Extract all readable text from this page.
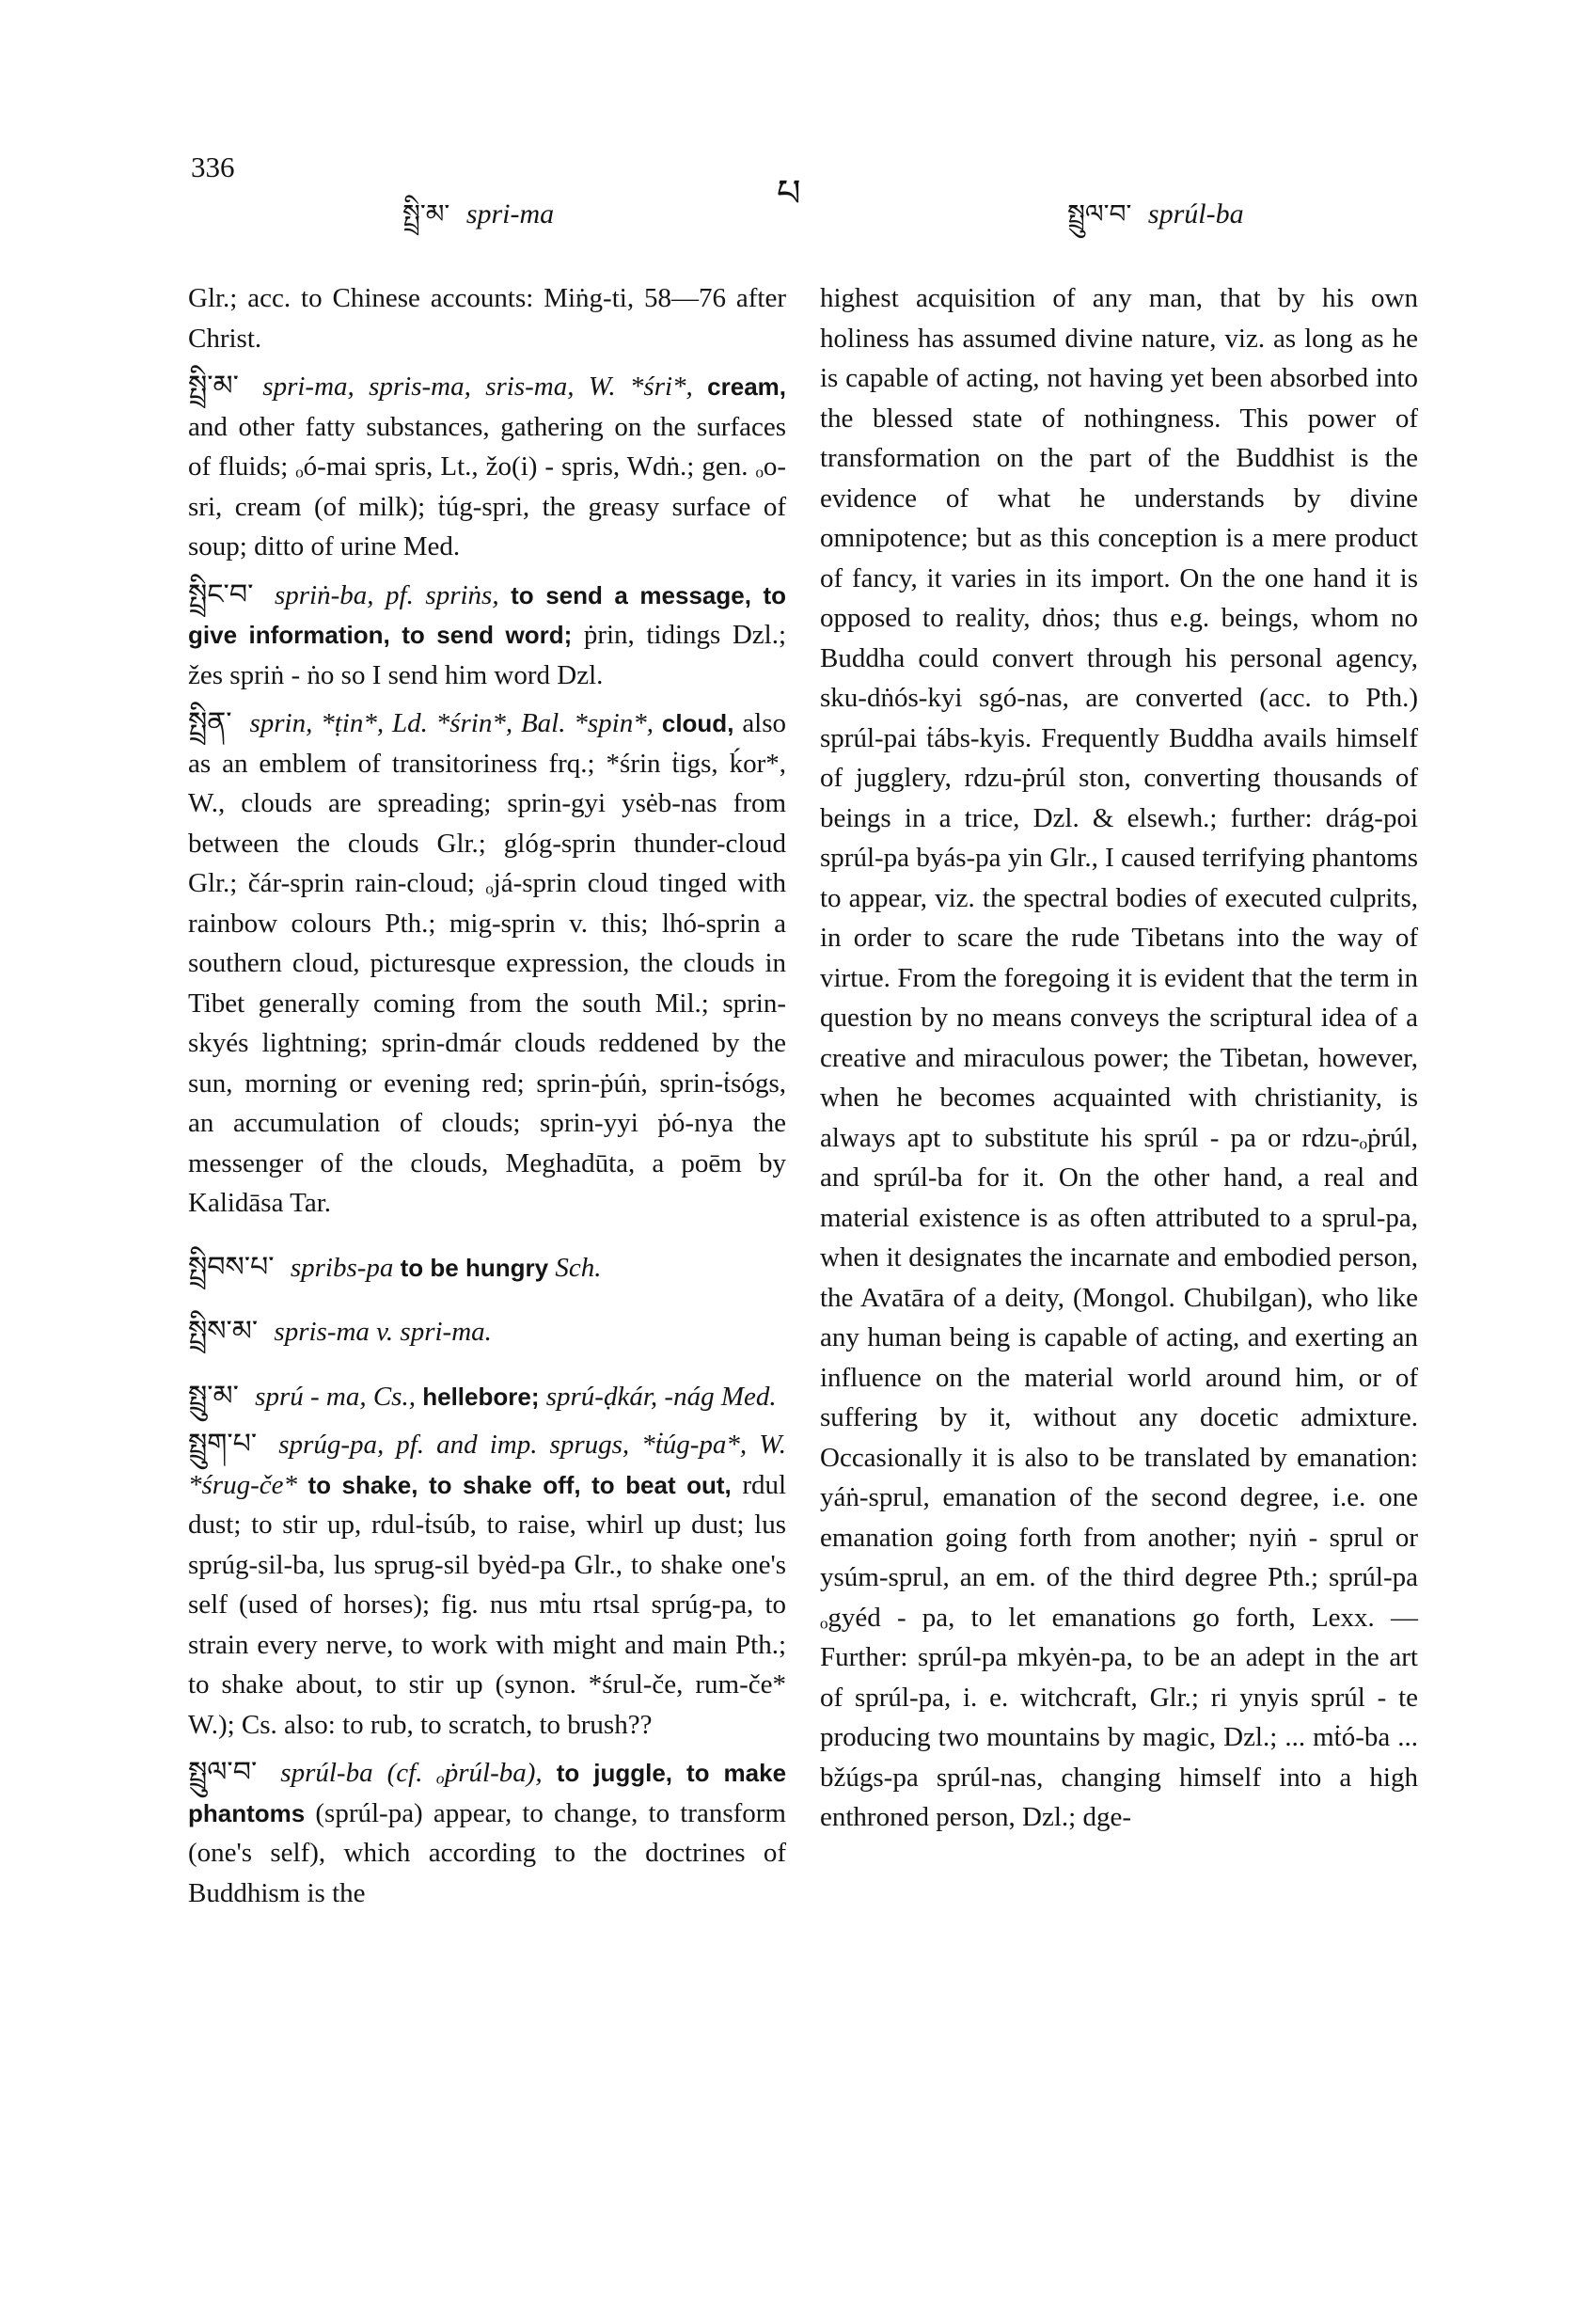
336
པ
སྤྲི་མ་ spri-ma	སྤྲུལ་བ་ sprúl-ba

Glr.; acc. to Chinese accounts: Miṅg-ti, 58—76 after Christ.

སྤྲི་མ་ spri-ma, spris-ma, sris-ma, W. *śri*, cream, and other fatty substances, gathering on the surfaces of fluids; ₒó-mai spris, Lt., žo(i) - spris, Wdṅ.; gen. ₒo-sri, cream (of milk); ṫúg-spri, the greasy surface of soup; ditto of urine Med.

སྤྲིང་བ་ spriṅ-ba, pf. spriṅs, to send a message, to give information, to send word; ṗrin, tidings Dzl.; žes spriṅ - ṅo so I send him word Dzl.

སྤྲིན་ sprin, *ṭin*, Ld. *śrin*, Bal. *spin*, cloud, also as an emblem of transitoriness frq.; *śrin ṫigs, ḱor*, W., clouds are spreading; sprin-gyi ysėb-nas from between the clouds Glr.; glóg-sprin thunder-cloud Glr.; čár-sprin rain-cloud; ₒjá-sprin cloud tinged with rainbow colours Pth.; mig-sprin v. this; lhó-sprin a southern cloud, picturesque expression, the clouds in Tibet generally coming from the south Mil.; sprin-skyés lightning; sprin-dmár clouds reddened by the sun, morning or evening red; sprin-ṗúṅ, sprin-ṫsógs, an accumulation of clouds; sprin-yyi ṗó-nya the messenger of the clouds, Meghadūta, a poēm by Kalidāsa Tar.

སྤྲིབས་པ་ spribs-pa to be hungry Sch.

སྤྲིས་མ་ spris-ma v. spri-ma.

སྤྲུ་མ་ sprú - ma, Cs., hellebore; sprú-ḍkár, -nág Med.

སྤྲུག་པ་ sprúg-pa, pf. and imp. sprugs, *ṫúg-pa*, W. *śrug-če* to shake, to shake off, to beat out, rdul dust; to stir up, rdul-ṫsúb, to raise, whirl up dust; lus sprúg-sil-ba, lus sprug-sil byėd-pa Glr., to shake one's self (used of horses); fig. nus mṫu rtsal sprúg-pa, to strain every nerve, to work with might and main Pth.; to shake about, to stir up (synon. *śrul-če, rum-če* W.); Cs. also: to rub, to scratch, to brush??

སྤྲུལ་བ་ sprúl-ba (cf. ₒṗrúl-ba), to juggle, to make phantoms (sprúl-pa) appear, to change, to transform (one's self), which according to the doctrines of Buddhism is the

highest acquisition of any man, that by his own holiness has assumed divine nature, viz. as long as he is capable of acting, not having yet been absorbed into the blessed state of nothingness. This power of transformation on the part of the Buddhist is the evidence of what he understands by divine omnipotence; but as this conception is a mere product of fancy, it varies in its import. On the one hand it is opposed to reality, dṅos; thus e.g. beings, whom no Buddha could convert through his personal agency, sku-dṅós-kyi sgó-nas, are converted (acc. to Pth.) sprúl-pai ṫábs-kyis. Frequently Buddha avails himself of jugglery, rdzu-ṗrúl ston, converting thousands of beings in a trice, Dzl. & elsewh.; further: drág-poi sprúl-pa byás-pa yin Glr., I caused terrifying phantoms to appear, viz. the spectral bodies of executed culprits, in order to scare the rude Tibetans into the way of virtue. From the foregoing it is evident that the term in question by no means conveys the scriptural idea of a creative and miraculous power; the Tibetan, however, when he becomes acquainted with christianity, is always apt to substitute his sprúl - pa or rdzu-ₒṗrúl, and sprúl-ba for it. On the other hand, a real and material existence is as often attributed to a sprul-pa, when it designates the incarnate and embodied person, the Avatāra of a deity, (Mongol. Chubilgan), who like any human being is capable of acting, and exerting an influence on the material world around him, or of suffering by it, without any docetic admixture. Occasionally it is also to be translated by emanation: yáṅ-sprul, emanation of the second degree, i.e. one emanation going forth from another; nyiṅ - sprul or ysúm-sprul, an em. of the third degree Pth.; sprúl-pa ₒgyéd - pa, to let emanations go forth, Lexx. — Further: sprúl-pa mkyėn-pa, to be an adept in the art of sprúl-pa, i. e. witchcraft, Glr.; ri ynyis sprúl - te producing two mountains by magic, Dzl.; ... mṫó-ba ... bžúgs-pa sprúl-nas, changing himself into a high enthroned person, Dzl.; dge-
